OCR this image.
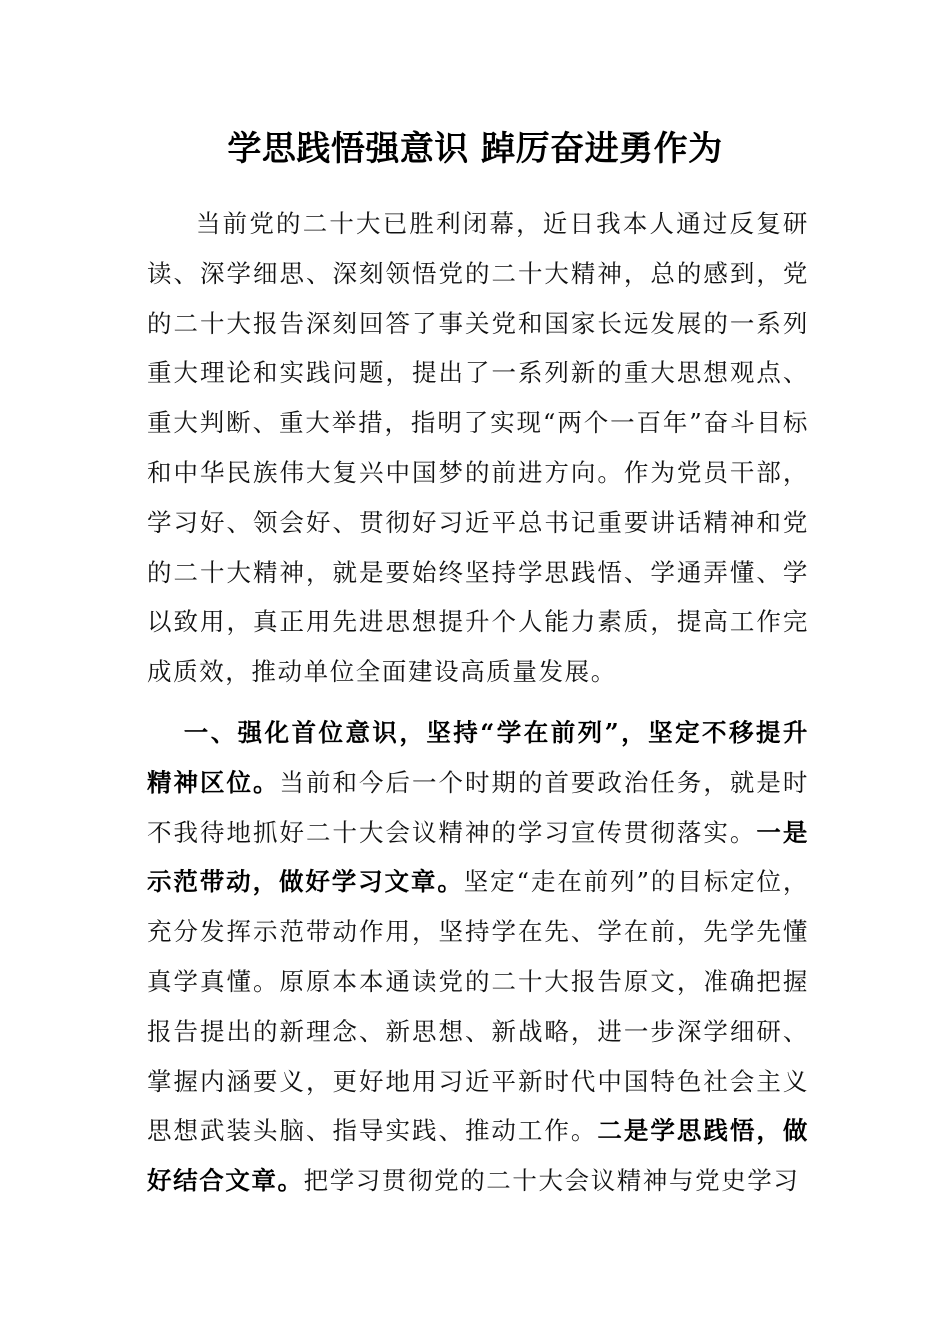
学思践悟强意识 踔厉奋进勇作为

当前党的二十大已胜利闭幕，近日我本人通过反复研读、深学细思、深刻领悟党的二十大精神，总的感到，党的二十大报告深刻回答了事关党和国家长远发展的一系列重大理论和实践问题，提出了一系列新的重大思想观点、重大判断、重大举措，指明了实现“两个一百年”奋斗目标和中华民族伟大复兴中国梦的前进方向。作为党员干部，学习好、领会好、贯彻好习近平总书记重要讲话精神和党的二十大精神，就是要始终坚持学思践悟、学通弄懂、学以致用，真正用先进思想提升个人能力素质，提高工作完成质效，推动单位全面建设高质量发展。

一、强化首位意识，坚持“学在前列”，坚定不移提升精神区位。当前和今后一个时期的首要政治任务，就是时不我待地抓好二十大会议精神的学习宣传贯彻落实。一是示范带动，做好学习文章。坚定“走在前列”的目标定位，充分发挥示范带动作用，坚持学在先、学在前，先学先懂真学真懂。原原本本通读党的二十大报告原文，准确把握报告提出的新理念、新思想、新战略，进一步深学细研、掌握内涵要义，更好地用习近平新时代中国特色社会主义思想武装头脑、指导实践、推动工作。二是学思践悟，做好结合文章。把学习贯彻党的二十大会议精神与党史学习
